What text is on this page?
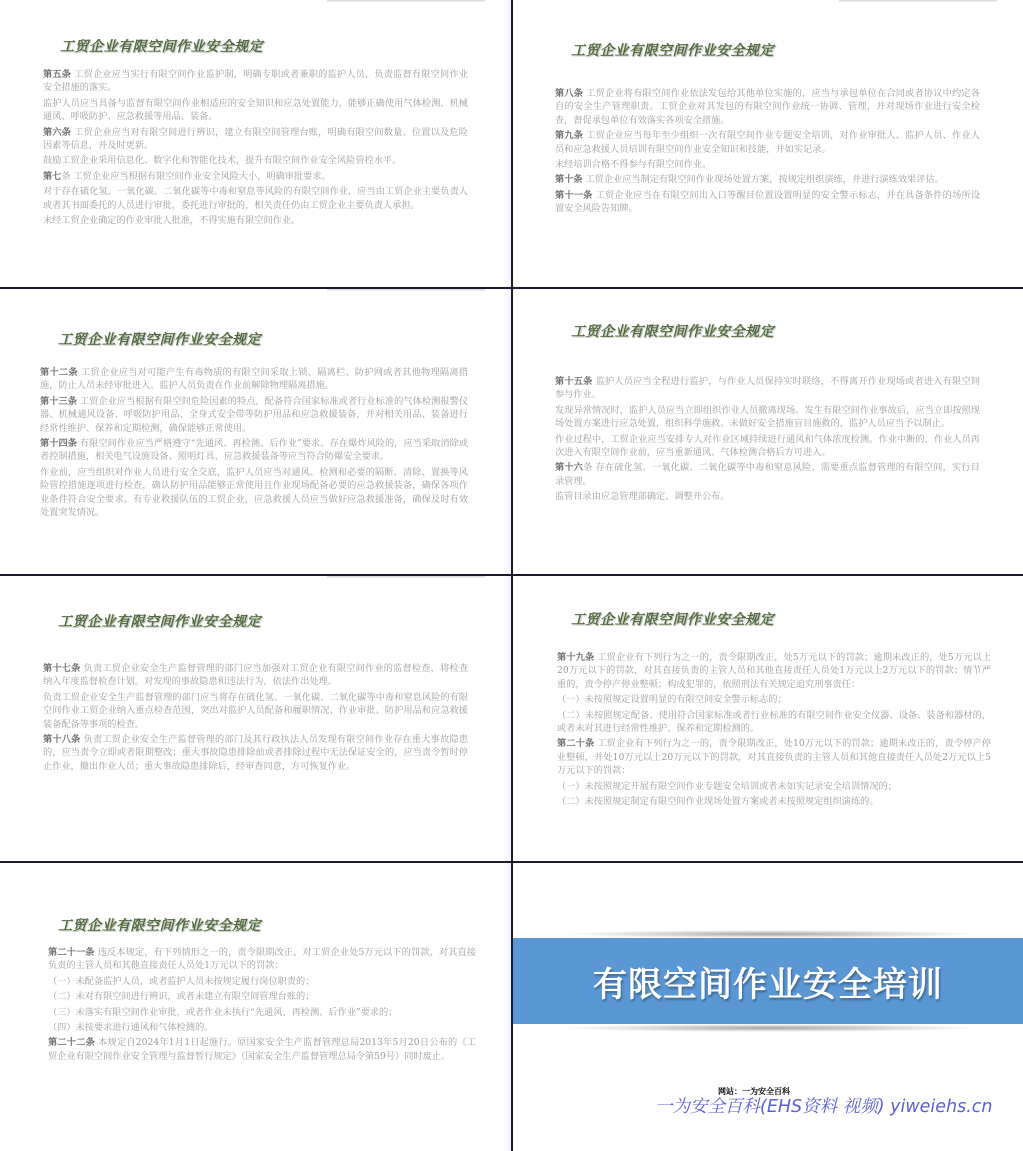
工贸企业有限空间作业安全规定

第五条 工贸企业应当实行有限空间作业监护制，明确专职或者兼职的监护人员，负责监督有限空间作业安全措施的落实。

监护人员应当具备与监督有限空间作业相适应的安全知识和应急处置能力，能够正确使用气体检测、机械通风、呼吸防护、应急救援等用品、装备。

第六条 工贸企业应当对有限空间进行辨识，建立有限空间管理台账，明确有限空间数量、位置以及危险因素等信息，并及时更新。

鼓励工贸企业采用信息化、数字化和智能化技术，提升有限空间作业安全风险管控水平。

第七条 工贸企业应当根据有限空间作业安全风险大小，明确审批要求。

对于存在硫化氢、一氧化碳、二氧化碳等中毒和窒息等风险的有限空间作业，应当由工贸企业主要负责人或者其书面委托的人员进行审批，委托进行审批的，相关责任仍由工贸企业主要负责人承担。

未经工贸企业确定的作业审批人批准，不得实施有限空间作业。

工贸企业有限空间作业安全规定

第八条 工贸企业将有限空间作业依法发包给其他单位实施的，应当与承包单位在合同或者协议中约定各自的安全生产管理职责。工贸企业对其发包的有限空间作业统一协调、管理，并对现场作业进行安全检查，督促承包单位有效落实各项安全措施。

第九条 工贸企业应当每年至少组织一次有限空间作业专题安全培训，对作业审批人、监护人员、作业人员和应急救援人员培训有限空间作业安全知识和技能，并如实记录。

未经培训合格不得参与有限空间作业。

第十条 工贸企业应当制定有限空间作业现场处置方案，按规定组织演练，并进行演练效果评估。

第十一条 工贸企业应当在有限空间出入口等醒目位置设置明显的安全警示标志，并在具备条件的场所设置安全风险告知牌。

工贸企业有限空间作业安全规定

第十二条 工贸企业应当对可能产生有毒物质的有限空间采取上锁、隔离栏、防护网或者其他物理隔离措施，防止人员未经审批进入。监护人员负责在作业前解除物理隔离措施。

第十三条 工贸企业应当根据有限空间危险因素的特点，配备符合国家标准或者行业标准的气体检测报警仪器、机械通风设备、呼吸防护用品、全身式安全带等防护用品和应急救援装备，并对相关用品、装备进行经常性维护、保养和定期检测，确保能够正常使用。

第十四条 有限空间作业应当严格遵守“先通风、再检测、后作业”要求。存在爆炸风险的，应当采取消除或者控制措施，相关电气设施设备、照明灯具、应急救援装备等应当符合防爆安全要求。

作业前，应当组织对作业人员进行安全交底，监护人员应当对通风、检测和必要的隔断、清除、置换等风险管控措施逐项进行检查，确认防护用品能够正常使用且作业现场配备必要的应急救援装备，确保各项作业条件符合安全要求。有专业救援队伍的工贸企业，应急救援人员应当做好应急救援准备，确保及时有效处置突发情况。

工贸企业有限空间作业安全规定

第十五条 监护人员应当全程进行监护，与作业人员保持实时联络，不得离开作业现场或者进入有限空间参与作业。

发现异常情况时，监护人员应当立即组织作业人员撤离现场。发生有限空间作业事故后，应当立即按照现场处置方案进行应急处置，组织科学施救。未做好安全措施盲目施救的，监护人员应当予以制止。

作业过程中，工贸企业应当安排专人对作业区域持续进行通风和气体浓度检测。作业中断的，作业人员再次进入有限空间作业前，应当重新通风、气体检测合格后方可进入。

第十六条 存在硫化氢、一氧化碳、二氧化碳等中毒和窒息风险、需要重点监督管理的有限空间，实行目录管理。

监管目录由应急管理部确定、调整并公布。

工贸企业有限空间作业安全规定

第十七条 负责工贸企业安全生产监督管理的部门应当加强对工贸企业有限空间作业的监督检查，将检查纳入年度监督检查计划。对发现的事故隐患和违法行为，依法作出处理。

负责工贸企业安全生产监督管理的部门应当将存在硫化氢、一氧化碳、二氧化碳等中毒和窒息风险的有限空间作业工贸企业纳入重点检查范围，突出对监护人员配备和履职情况、作业审批、防护用品和应急救援装备配备等事项的检查。

第十八条 负责工贸企业安全生产监督管理的部门及其行政执法人员发现有限空间作业存在重大事故隐患的，应当责令立即或者限期整改；重大事故隐患排除前或者排除过程中无法保证安全的，应当责令暂时停止作业，撤出作业人员；重大事故隐患排除后，经审查同意，方可恢复作业。

工贸企业有限空间作业安全规定

第十九条 工贸企业有下列行为之一的，责令限期改正，处5万元以下的罚款；逾期未改正的，处5万元以上20万元以下的罚款，对其直接负责的主管人员和其他直接责任人员处1万元以上2万元以下的罚款；情节严重的，责令停产停业整顿；构成犯罪的，依照刑法有关规定追究刑事责任：

（一）未按照规定设置明显的有限空间安全警示标志的；

（二）未按照规定配备、使用符合国家标准或者行业标准的有限空间作业安全仪器、设备、装备和器材的，或者未对其进行经常性维护、保养和定期检测的。

第二十条 工贸企业有下列行为之一的，责令限期改正，处10万元以下的罚款；逾期未改正的，责令停产停业整顿，并处10万元以上20万元以下的罚款，对其直接负责的主管人员和其他直接责任人员处2万元以上5万元以下的罚款：

（一）未按照规定开展有限空间作业专题安全培训或者未如实记录安全培训情况的；

（二）未按照规定制定有限空间作业现场处置方案或者未按照规定组织演练的。

工贸企业有限空间作业安全规定

第二十一条 违反本规定，有下列情形之一的，责令限期改正，对工贸企业处5万元以下的罚款，对其直接负责的主管人员和其他直接责任人员处1万元以下的罚款：

（一）未配备监护人员，或者监护人员未按规定履行岗位职责的；

（二）未对有限空间进行辨识，或者未建立有限空间管理台账的；

（三）未落实有限空间作业审批，或者作业未执行“先通风、再检测、后作业”要求的；

（四）未按要求进行通风和气体检测的。

第二十二条 本规定自2024年1月1日起施行。原国家安全生产监督管理总局2013年5月20日公布的《工贸企业有限空间作业安全管理与监督暂行规定》（国家安全生产监督管理总局令第59号）同时废止。

有限空间作业安全培训
网站：一为安全百科
一为安全百科(EHS资料 视频) yiweiehs.cn
